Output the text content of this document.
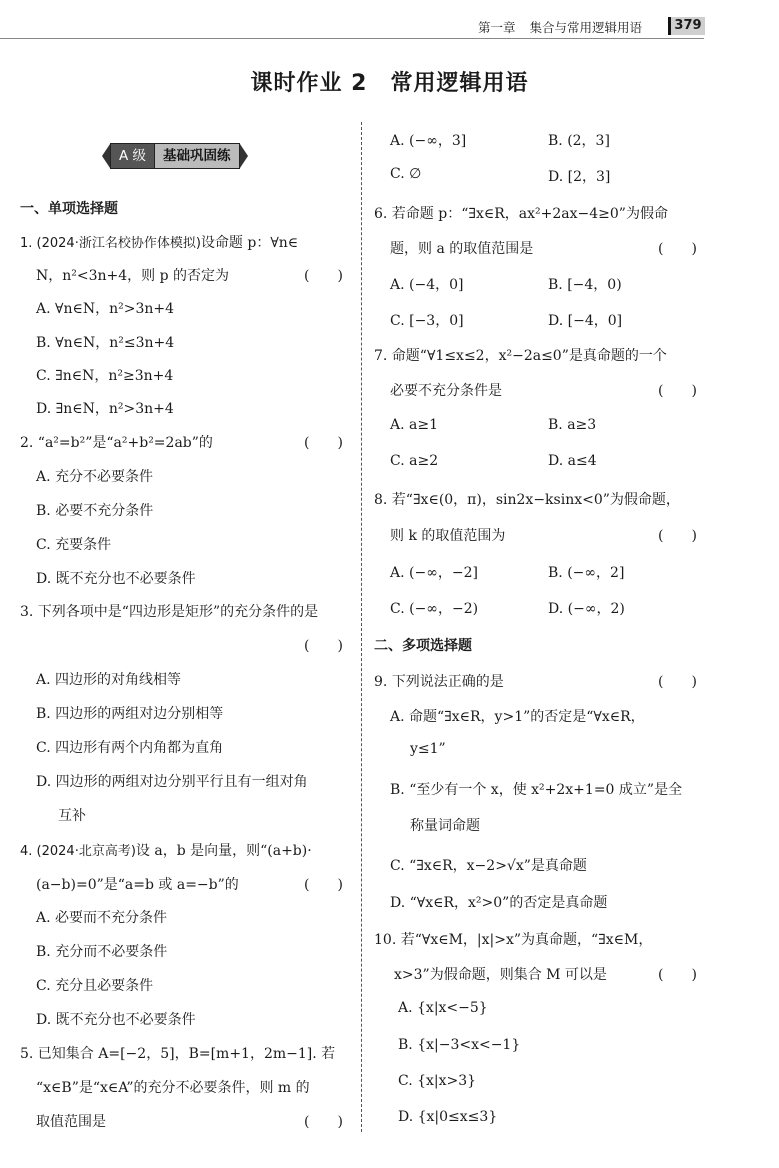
第一章 集合与常用逻辑用语	379
课时作业 2　常用逻辑用语
A 级	基础巩固练
一、单项选择题
1. (2024·浙江名校协作体模拟)设命题 p：∀n∈
N，n²<3n+4，则 p 的否定为	(　　)
A. ∀n∈N，n²>3n+4
B. ∀n∈N，n²≤3n+4
C. ∃n∈N，n²≥3n+4
D. ∃n∈N，n²>3n+4
2. “a²=b²”是“a²+b²=2ab”的	(　　)
A. 充分不必要条件
B. 必要不充分条件
C. 充要条件
D. 既不充分也不必要条件
3. 下列各项中是“四边形是矩形”的充分条件的是
(　　)
A. 四边形的对角线相等
B. 四边形的两组对边分别相等
C. 四边形有两个内角都为直角
D. 四边形的两组对边分别平行且有一组对角
互补
4. (2024·北京高考)设 a，b 是向量，则“(a+b)·
(a−b)=0”是“a=b 或 a=−b”的	(　　)
A. 必要而不充分条件
B. 充分而不必要条件
C. 充分且必要条件
D. 既不充分也不必要条件
5. 已知集合 A=[−2，5]，B=[m+1，2m−1]. 若
“x∈B”是“x∈A”的充分不必要条件，则 m 的
取值范围是	(　　)
A. (−∞，3]	B. (2，3]
C. ∅	D. [2，3]
6. 若命题 p：“∃x∈R，ax²+2ax−4≥0”为假命
题，则 a 的取值范围是	(　　)
A. (−4，0]	B. [−4，0)
C. [−3，0]	D. [−4，0]
7. 命题“∀1≤x≤2，x²−2a≤0”是真命题的一个
必要不充分条件是	(　　)
A. a≥1	B. a≥3
C. a≥2	D. a≤4
8. 若“∃x∈(0，π)，sin2x−ksinx<0”为假命题，
则 k 的取值范围为	(　　)
A. (−∞，−2]	B. (−∞，2]
C. (−∞，−2)	D. (−∞，2)
二、多项选择题
9. 下列说法正确的是	(　　)
A. 命题“∃x∈R，y>1”的否定是“∀x∈R，
y≤1”
B. “至少有一个 x，使 x²+2x+1=0 成立”是全
称量词命题
C. “∃x∈R，x−2>√x”是真命题
D. “∀x∈R，x²>0”的否定是真命题
10. 若“∀x∈M，|x|>x”为真命题，“∃x∈M，
x>3”为假命题，则集合 M 可以是	(　　)
A. {x|x<−5}
B. {x|−3<x<−1}
C. {x|x>3}
D. {x|0≤x≤3}
